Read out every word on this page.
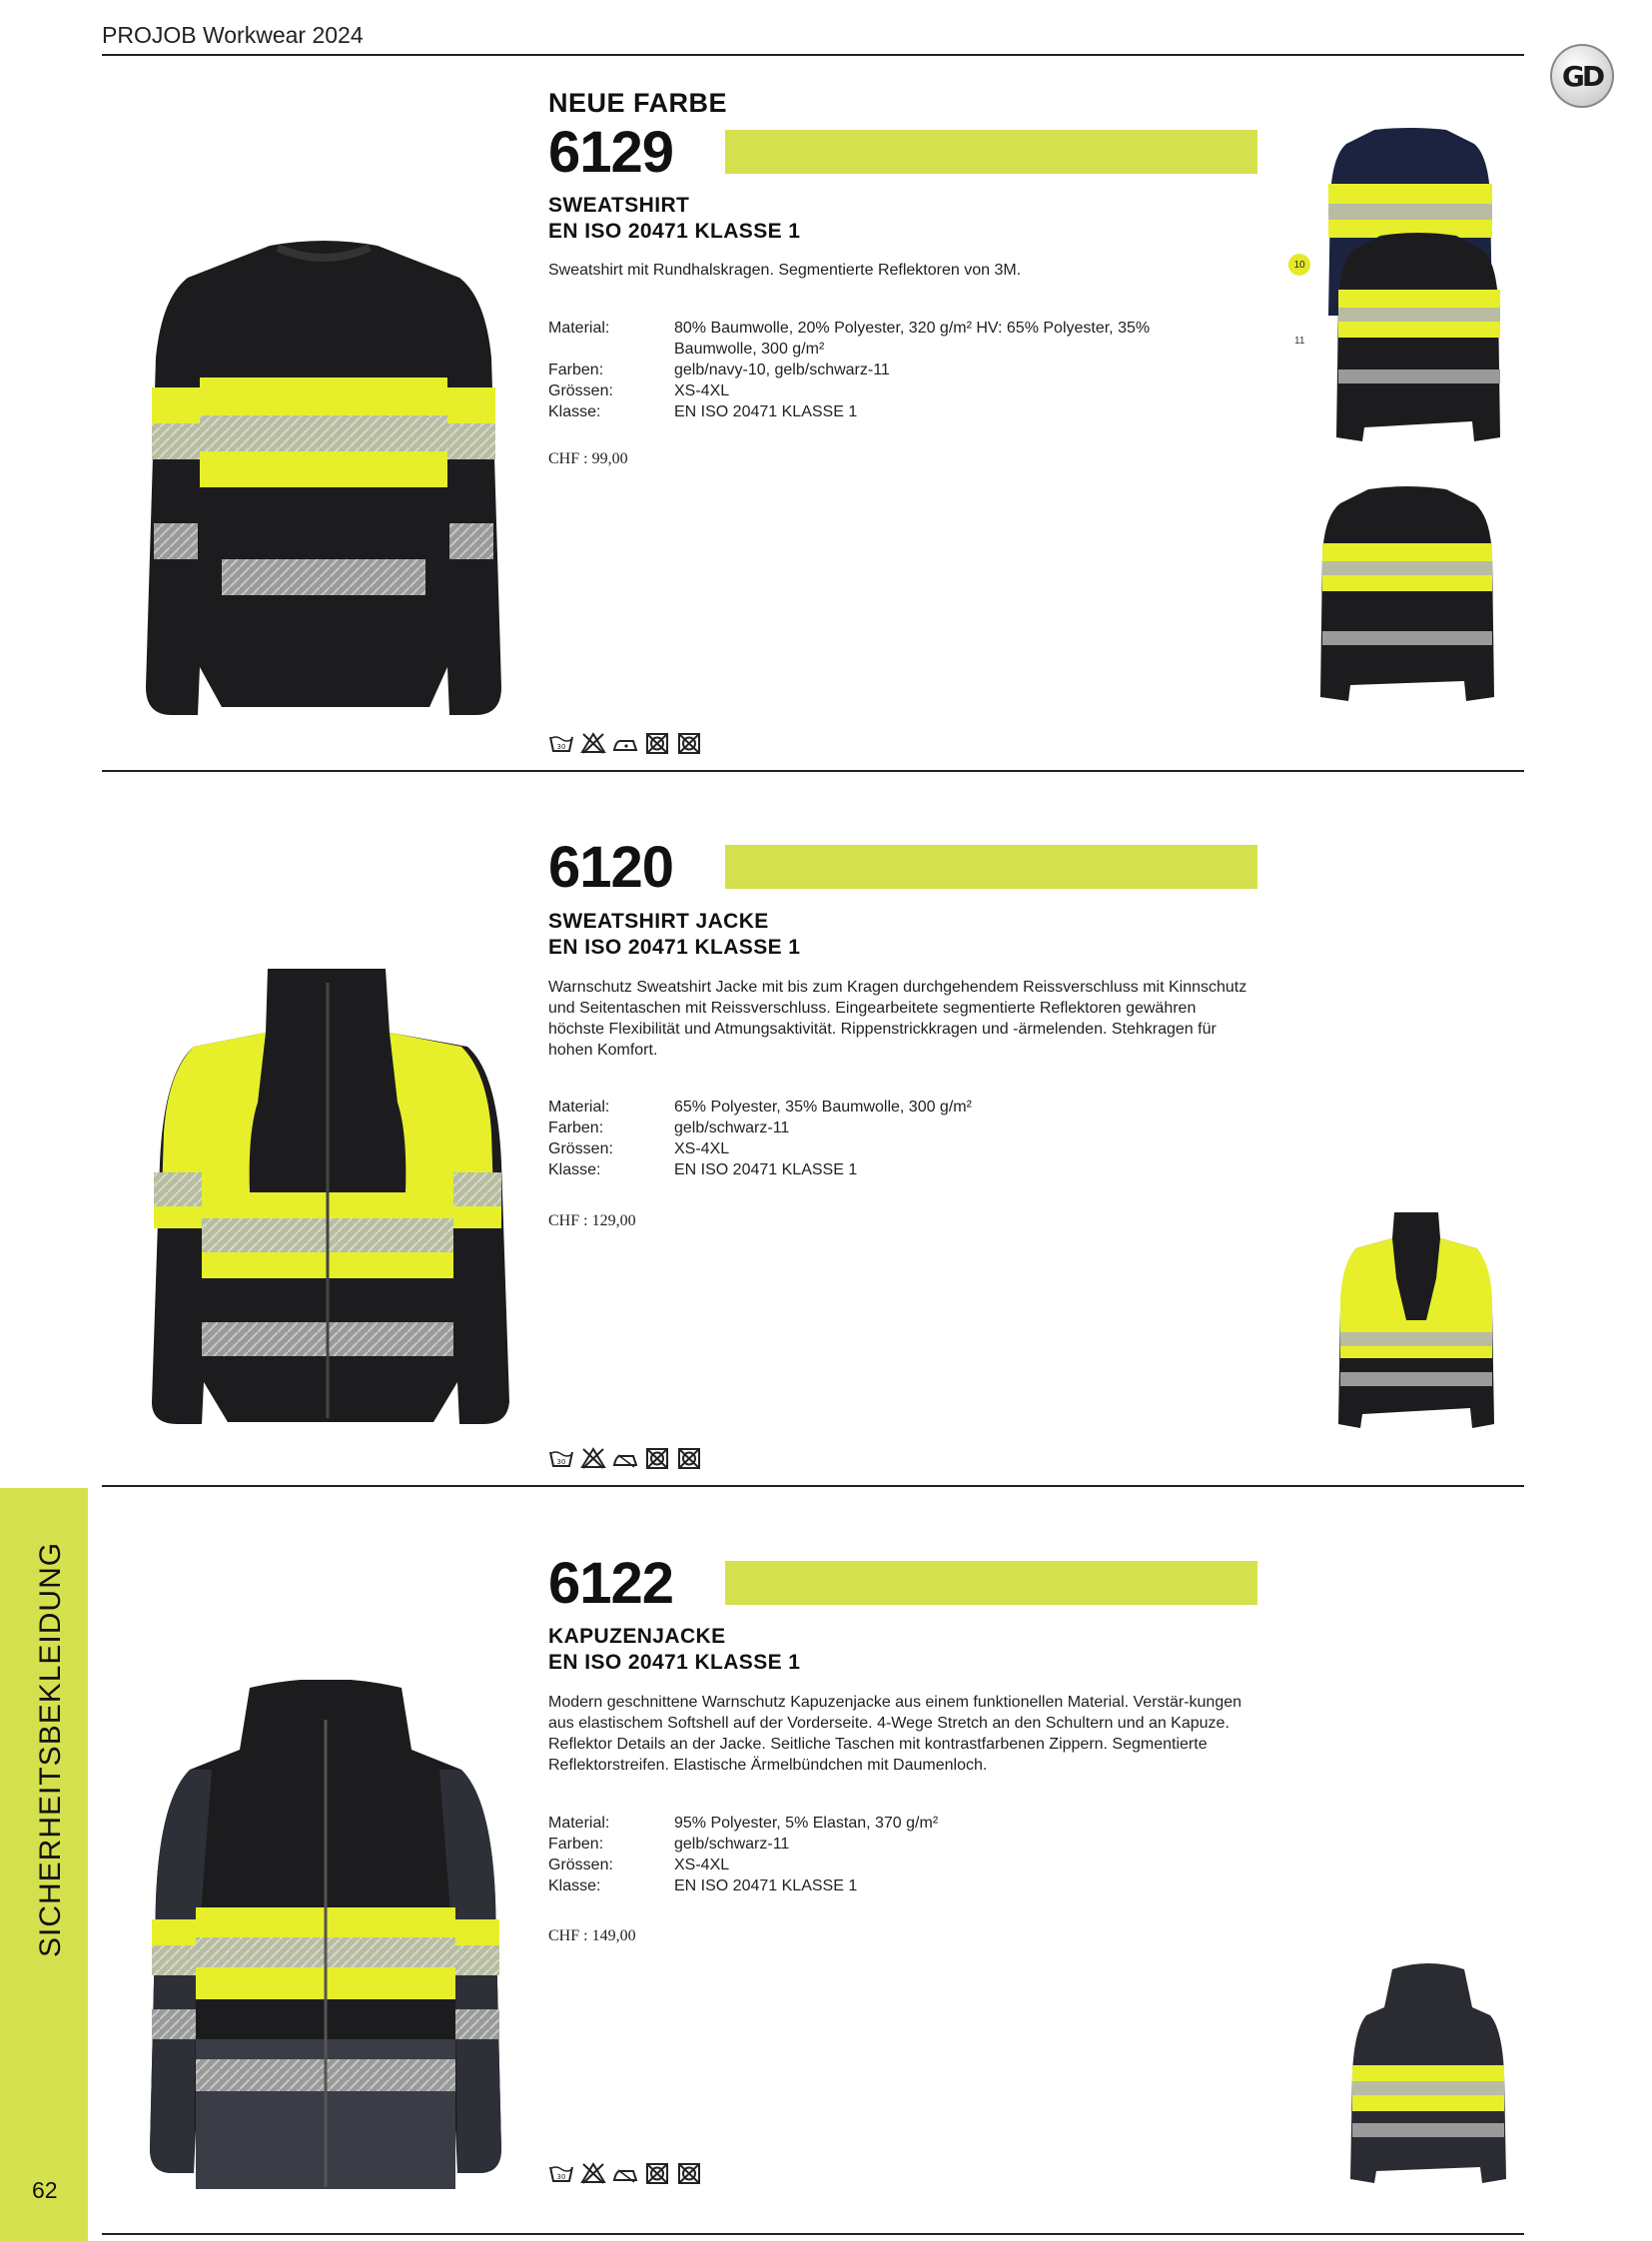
PROJOB Workwear 2024
GD
SICHERHEITSBEKLEIDUNG
62
NEUE FARBE
6129
SWEATSHIRT
EN ISO 20471 KLASSE 1
Sweatshirt mit Rundhalskragen. Segmentierte Reflektoren von 3M.
Material:	80% Baumwolle, 20% Polyester, 320 g/m² HV: 65% Polyester, 35% Baumwolle, 300 g/m²
Farben:	gelb/navy-10, gelb/schwarz-11
Grössen:	XS-4XL
Klasse:	EN ISO 20471 KLASSE 1
CHF : 99,00
30
10
11
6120
SWEATSHIRT JACKE
EN ISO 20471 KLASSE 1
Warnschutz Sweatshirt Jacke mit bis zum Kragen durchgehendem Reissverschluss mit Kinnschutz und Seitentaschen mit Reissverschluss. Eingearbeitete segmentierte Reflektoren gewähren höchste Flexibilität und Atmungsaktivität. Rippenstrickkragen und -ärmelenden. Stehkragen für hohen Komfort.
Material:	65% Polyester, 35% Baumwolle, 300 g/m²
Farben:	gelb/schwarz-11
Grössen:	XS-4XL
Klasse:	EN ISO 20471 KLASSE 1
CHF : 129,00
30
6122
KAPUZENJACKE
EN ISO 20471 KLASSE 1
Modern geschnittene Warnschutz Kapuzenjacke aus einem funktionellen Material. Verstär-kungen aus elastischem Softshell auf der Vorderseite. 4-Wege Stretch an den Schultern und an Kapuze. Reflektor Details an der Jacke. Seitliche Taschen mit kontrastfarbenen Zippern. Segmentierte Reflektorstreifen. Elastische Ärmelbündchen mit Daumenloch.
Material:	95% Polyester, 5% Elastan, 370 g/m²
Farben:	gelb/schwarz-11
Grössen:	XS-4XL
Klasse:	EN ISO 20471 KLASSE 1
CHF : 149,00
30
